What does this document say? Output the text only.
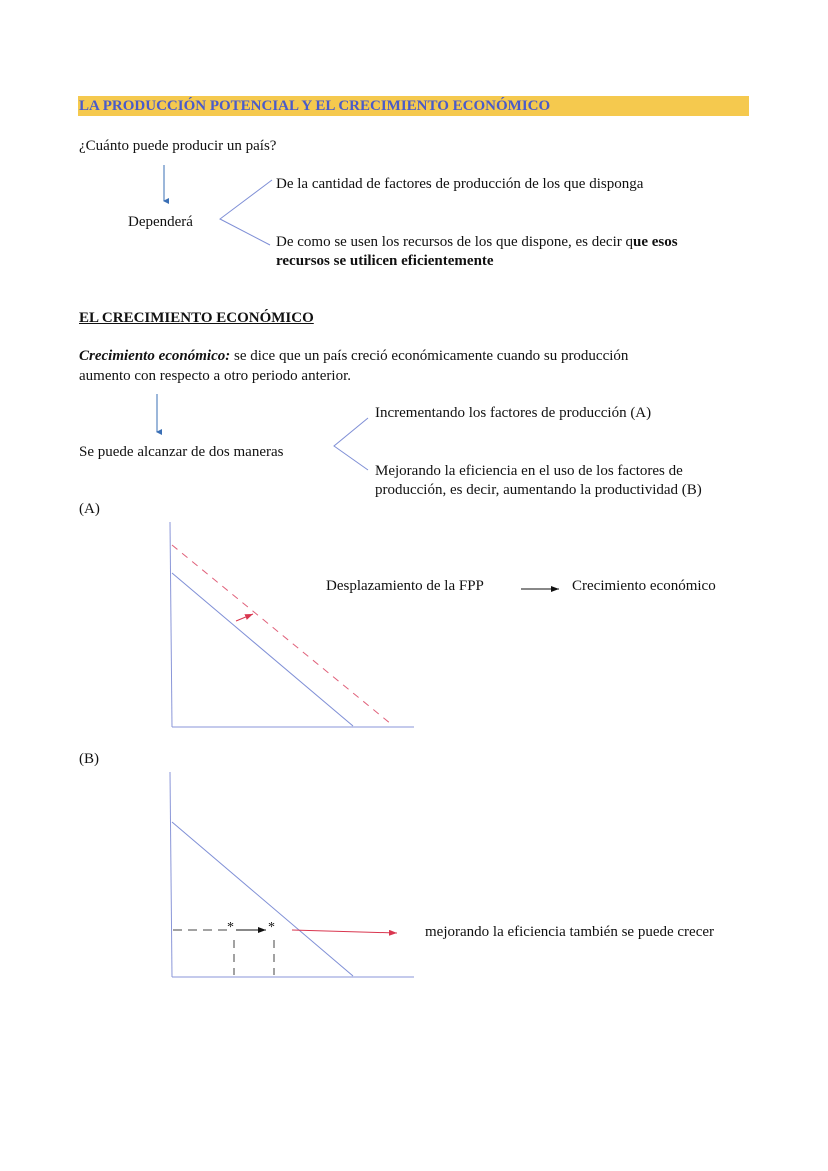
LA PRODUCCIÓN POTENCIAL Y EL CRECIMIENTO ECONÓMICO
¿Cuánto puede producir un país?
Dependerá
De la cantidad de factores de producción de los que disponga
De como se usen los recursos de los que dispone, es decir que esos
recursos se utilicen eficientemente
EL CRECIMIENTO ECONÓMICO
Crecimiento económico: se dice que un país creció económicamente cuando su producción
aumento con respecto a otro periodo anterior.
Se puede alcanzar de dos maneras
Incrementando los factores de producción (A)
Mejorando la eficiencia en el uso de los factores de
producción, es decir, aumentando la productividad (B)
(A)
Desplazamiento de la FPP	Crecimiento económico
(B)
mejorando la eficiencia también se puede crecer
* *
